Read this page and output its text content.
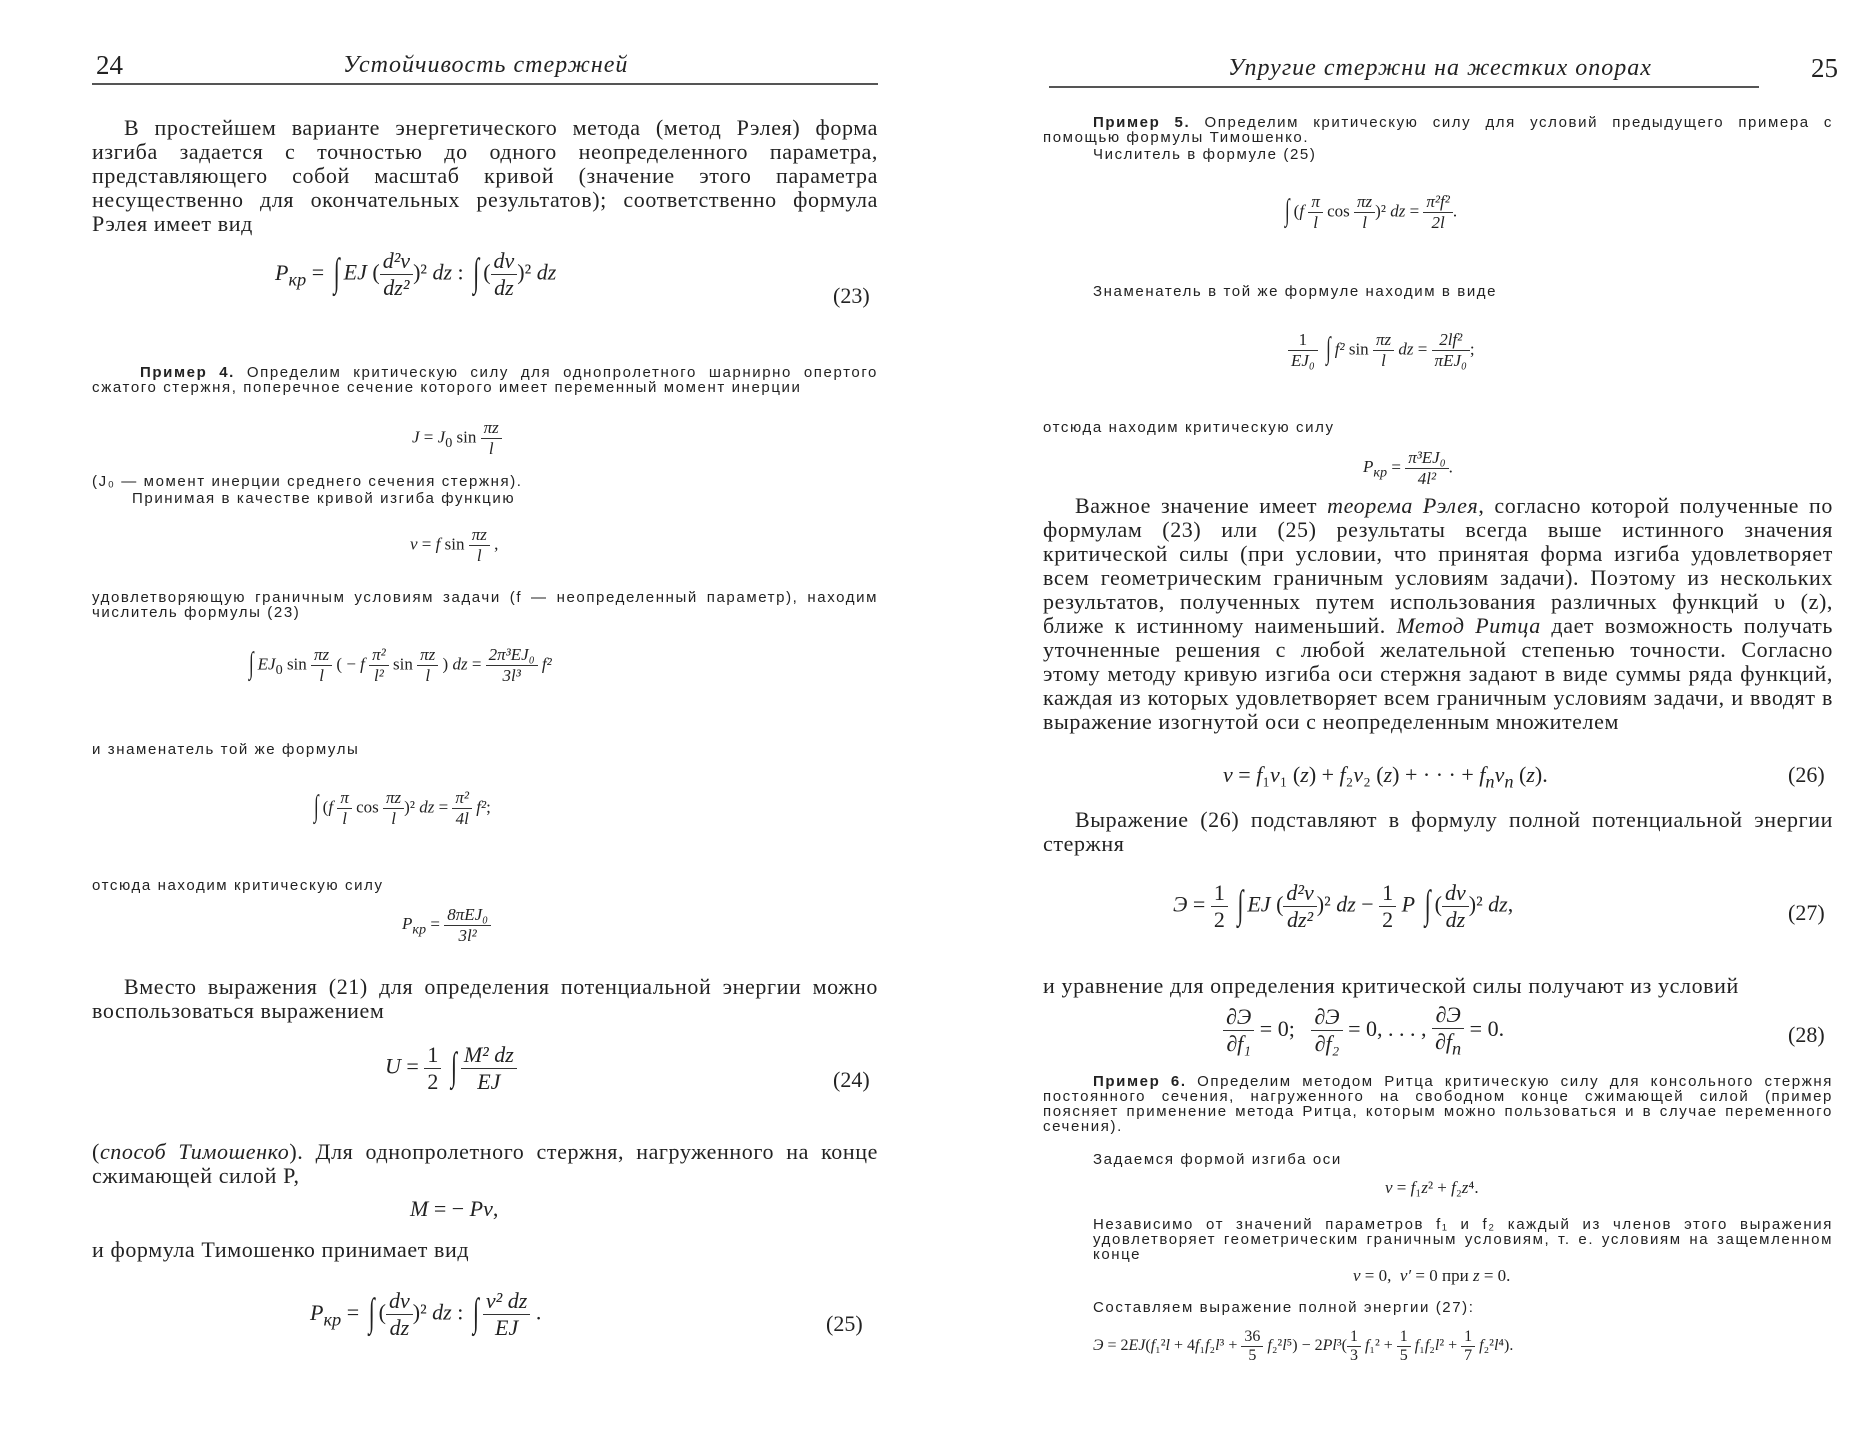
24	Устойчивость стержней
В простейшем варианте энергетического метода (метод Рэлея) форма изгиба задается с точностью до одного неопределенного параметра, представляющего собой масштаб кривой (значение этого параметра несущественно для окончательных результатов); соответственно формула Рэлея имеет вид
$P_{кр}$ = ∫ EJ ( $\frac{\text{d²v}}{\text{dz²}} )^2$ dz : ∫ ( $\frac{dv}{dz} )^2$ dz
(23)
Пример 4. Определим критическую силу для однопролетного шарнирно опертого сжатого стержня, поперечное сечение которого имеет переменный момент инерции
$J = J_0$ $\sin \frac{\pi z}{l}$
(J₀ — момент инерции среднего сечения стержня).
Принимая в качестве кривой изгиба функцию
v = f $\sin \frac{\pi z}{l}$ ,
удовлетворяющую граничным условиям задачи (f — неопределенный параметр), находим числитель формулы (23)
∫ $EJ_0$ $\sin \frac{\pi z}{l}$ ( − f $\frac{\text{π²}}{\text{l²}}$ $\sin \frac{\pi z}{l}$ ) dz = $\frac{\text{2π³EJ₀}}{\text{3l³}} f^2$
и знаменатель той же формулы
∫ ($f \frac{\pi}{l}$ $\cos \frac{\pi z}{l} )^2$ dz = $\frac{\text{π²}}{4l} f^2$;
отсюда находим критическую силу
$P_{кр} = \frac{\text{8πEJ₀}}{\text{3l²}}$
Вместо выражения (21) для определения потенциальной энергии можно воспользоваться выражением
$U = \frac{1}{2}$ ∫ $\frac{\text{M² dz}}{EJ}$	(24)
(способ Тимошенко). Для однопролетного стержня, нагруженного на конце сжимающей силой P,
M = − Pv,
и формула Тимошенко принимает вид
$P_{кр}$ = ∫ ( $\frac{dv}{dz} )^2$ dz : ∫ $\frac{\text{v² dz}}{EJ}$ .	(25)
Упругие стержни на жестких опорах	25
Пример 5. Определим критическую силу для условий предыдущего примера с помощью формулы Тимошенко.
Числитель в формуле (25)
∫ ($f \frac{\pi}{l}$ $\cos \frac{\pi z}{l} )^2$ dz = $\frac{\text{π²f²}}{2l}$ .
Знаменатель в той же формуле находим в виде
$\frac{1}{\text{EJ₀}}$ ∫ f² $\sin \frac{\pi z}{l}$ dz = $\frac{\text{2lf²}}{\text{πEJ₀}}$ ;
отсюда находим критическую силу
$P_{кр} = \frac{\text{π³EJ₀}}{\text{4l²}}$ .
Важное значение имеет теорема Рэлея, согласно которой полученные по формулам (23) или (25) результаты всегда выше истинного значения критической силы (при условии, что принятая форма изгиба удовлетворяет всем геометрическим граничным условиям задачи). Поэтому из нескольких результатов, полученных путем использования различных функций υ (z), ближе к истинному наименьший. Метод Ритца дает возможность получать уточненные решения с любой желательной степенью точности. Согласно этому методу кривую изгиба оси стержня задают в виде суммы ряда функций, каждая из которых удовлетворяет всем граничным условиям задачи, и вводят в выражение изогнутой оси с неопределенным множителем
v = f₁v₁ (z) + f₂v₂ (z) + · · · + $f_nv_n$ (z).	(26)
Выражение (26) подставляют в формулу полной потенциальной энергии стержня
$Э = \frac{1}{2}$ ∫ EJ ( $\frac{\text{d²v}}{\text{dz²}} )^2$ dz − $\frac{1}{2}$ P ∫ ( $\frac{dv}{dz} )^2$ dz,	(27)
и уравнение для определения критической силы получают из условий
$\frac{\partial Э}{\text{∂f₁}} = 0$; $\frac{\partial Э}{\text{∂f₂}} = 0$, . . . , $\frac{\partial Э}{\partial f_n} = 0$.	(28)
Пример 6. Определим методом Ритца критическую силу для консольного стержня постоянного сечения, нагруженного на свободном конце сжимающей силой (пример поясняет применение метода Ритца, которым можно пользоваться и в случае переменного сечения).
Задаемся формой изгиба оси
v = f₁z² + f₂z⁴.
Независимо от значений параметров f₁ и f₂ каждый из членов этого выражения удовлетворяет геометрическим граничным условиям, т. е. условиям на защемленном конце
v = 0,  v′ = 0 при z = 0.
Составляем выражение полной энергии (27):
$Э = 2EJ(f_1^2l + 4f_1f_2l^3 + \frac{36}{5} f_2^2l^5) - 2Pl^3( \frac{1}{3} f_1^2 + \frac{1}{5} f_1f_2l^2 + \frac{1}{7} f_2^2l^4)$.
